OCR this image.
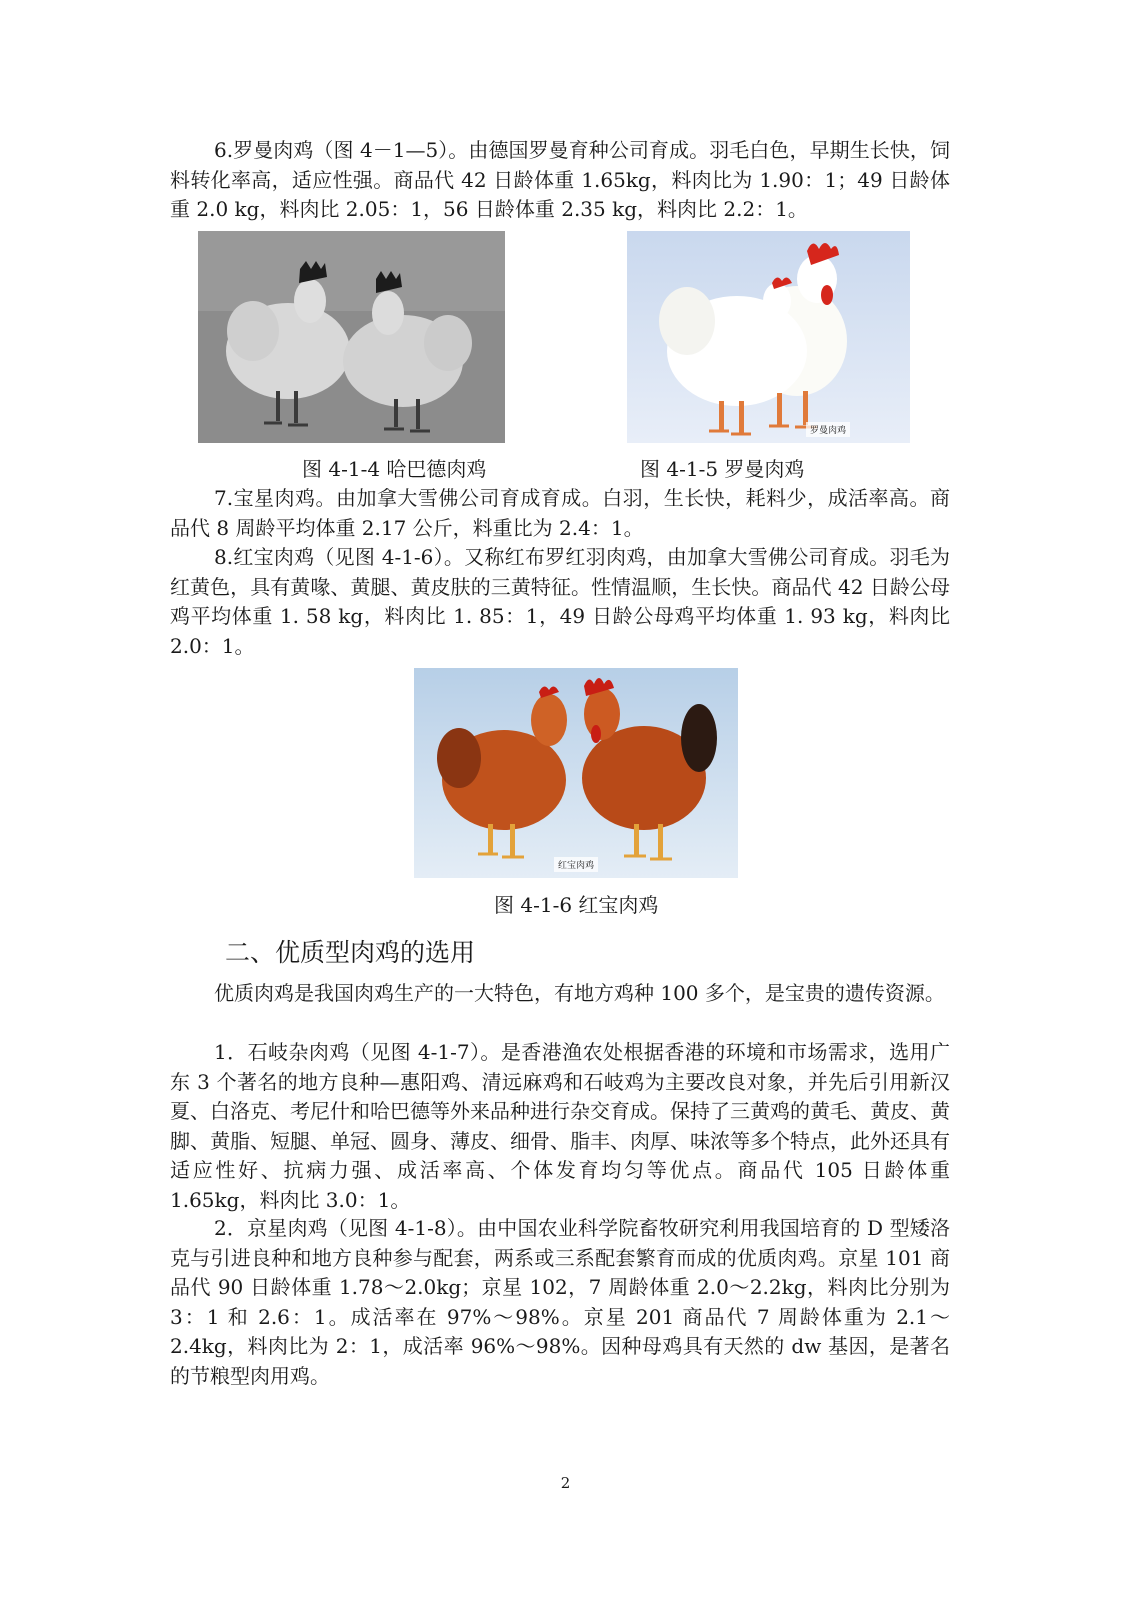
6.罗曼肉鸡（图 4－1—5）。由德国罗曼育种公司育成。羽毛白色，早期生长快，饲料转化率高，适应性强。商品代 42 日龄体重 1.65kg，料肉比为 1.90：1；49 日龄体重 2.0 kg，料肉比 2.05：1，56 日龄体重 2.35 kg，料肉比 2.2：1。

罗曼肉鸡
图 4-1-4 哈巴德肉鸡	图 4-1-5 罗曼肉鸡

7.宝星肉鸡。由加拿大雪佛公司育成育成。白羽，生长快，耗料少，成活率高。商品代 8 周龄平均体重 2.17 公斤，料重比为 2.4：1。

8.红宝肉鸡（见图 4-1-6）。又称红布罗红羽肉鸡，由加拿大雪佛公司育成。羽毛为红黄色，具有黄喙、黄腿、黄皮肤的三黄特征。性情温顺，生长快。商品代 42 日龄公母鸡平均体重 1. 58 kg，料肉比 1. 85：1，49 日龄公母鸡平均体重 1. 93 kg，料肉比 2.0：1。

红宝肉鸡
图 4-1-6 红宝肉鸡
二、优质型肉鸡的选用

优质肉鸡是我国肉鸡生产的一大特色，有地方鸡种 100 多个，是宝贵的遗传资源。

1．石岐杂肉鸡（见图 4-1-7）。是香港渔农处根据香港的环境和市场需求，选用广东 3 个著名的地方良种—惠阳鸡、清远麻鸡和石岐鸡为主要改良对象，并先后引用新汉夏、白洛克、考尼什和哈巴德等外来品种进行杂交育成。保持了三黄鸡的黄毛、黄皮、黄脚、黄脂、短腿、单冠、圆身、薄皮、细骨、脂丰、肉厚、味浓等多个特点，此外还具有适应性好、抗病力强、成活率高、个体发育均匀等优点。商品代 105 日龄体重 1.65kg，料肉比 3.0：1。

2．京星肉鸡（见图 4-1-8）。由中国农业科学院畜牧研究利用我国培育的 D 型矮洛克与引进良种和地方良种参与配套，两系或三系配套繁育而成的优质肉鸡。京星 101 商品代 90 日龄体重 1.78～2.0kg；京星 102，7 周龄体重 2.0～2.2kg，料肉比分别为 3：1 和 2.6：1。成活率在 97%～98%。京星 201 商品代 7 周龄体重为 2.1～2.4kg，料肉比为 2：1，成活率 96%～98%。因种母鸡具有天然的 dw 基因，是著名的节粮型肉用鸡。

2
